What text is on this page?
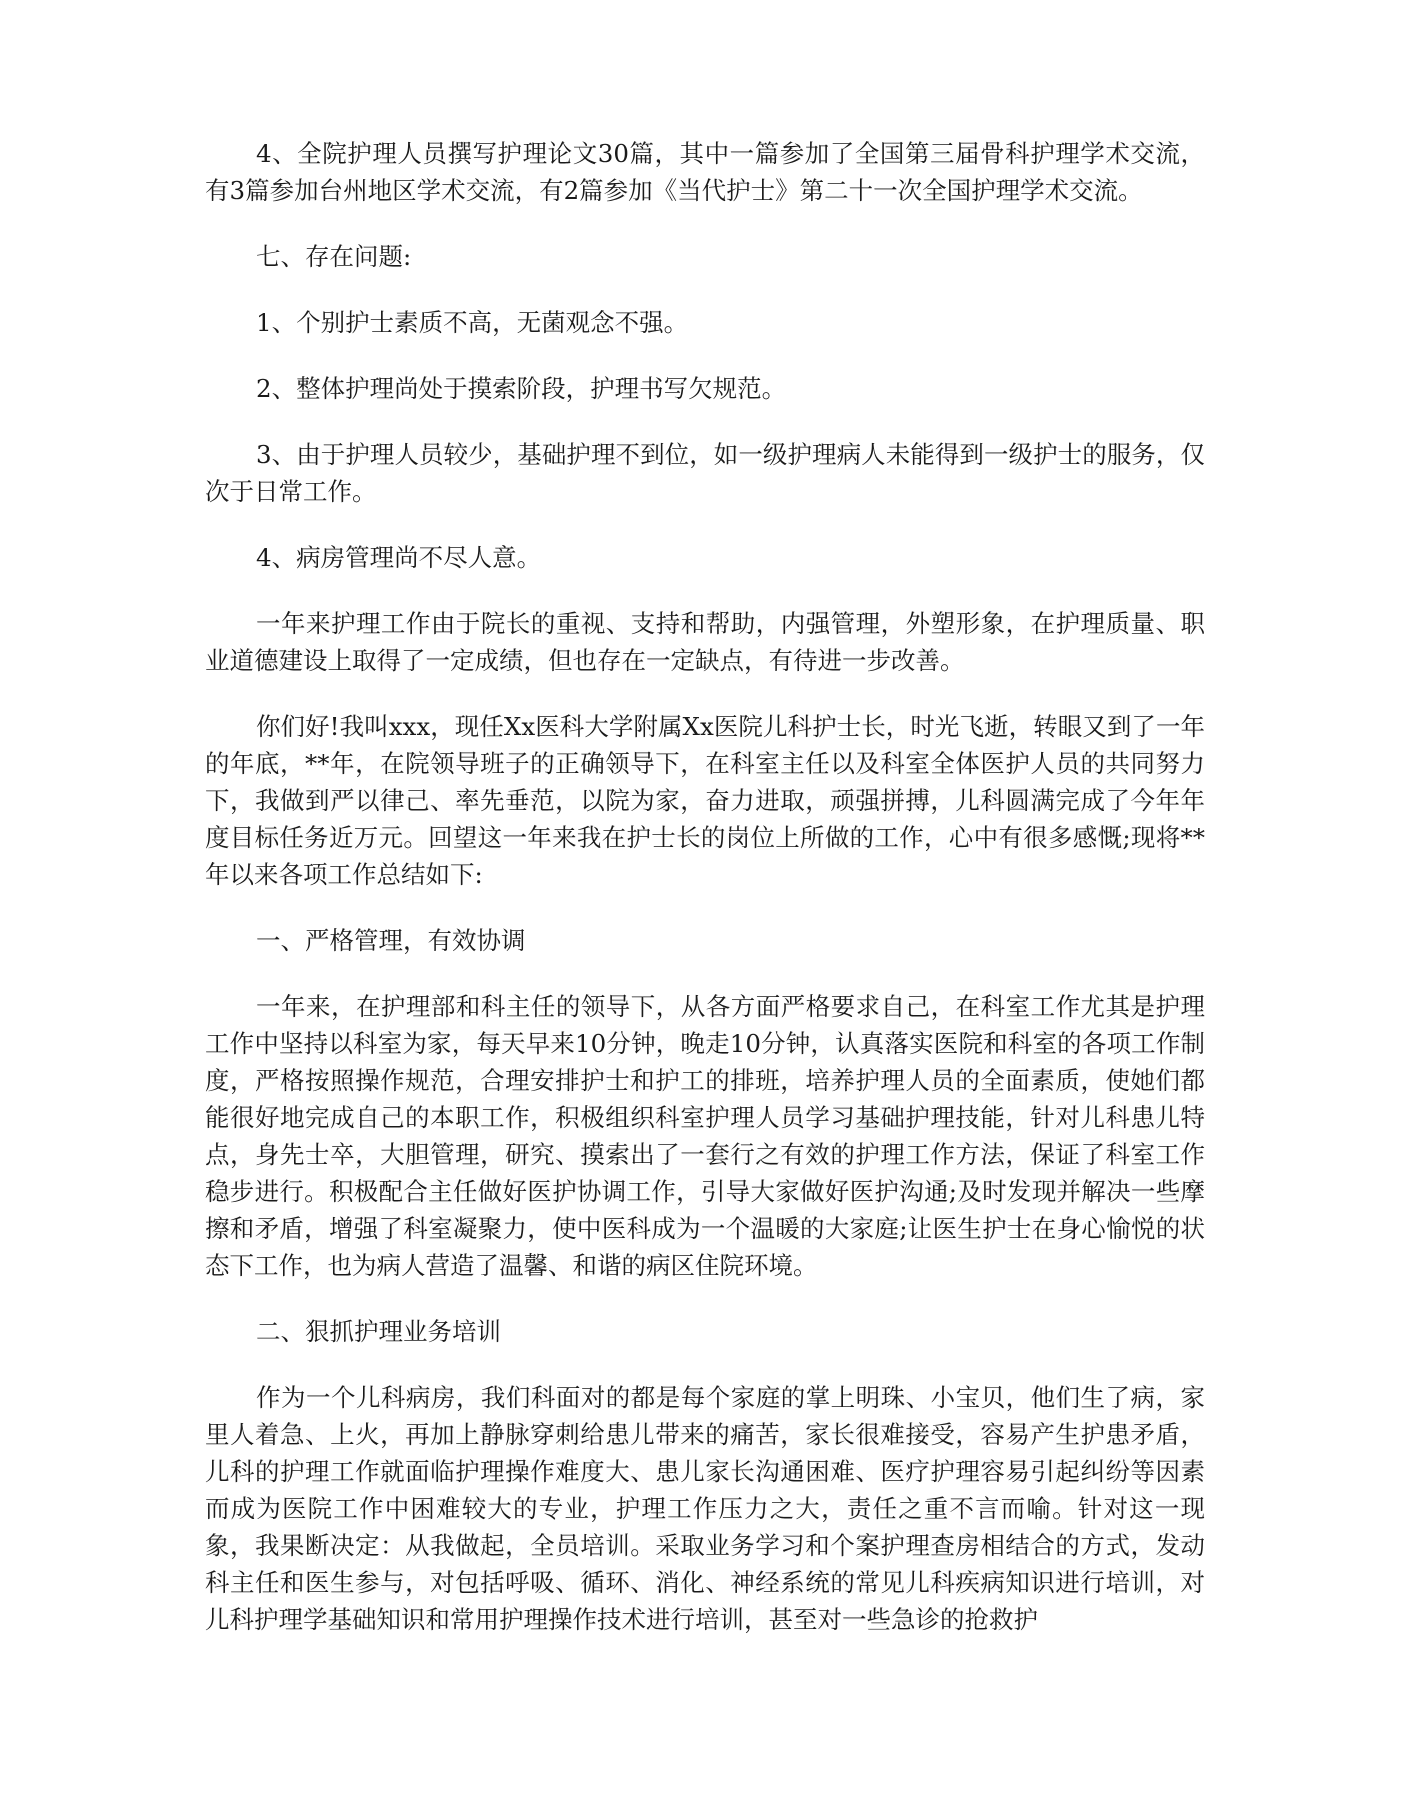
4、全院护理人员撰写护理论文30篇，其中一篇参加了全国第三届骨科护理学术交流，有3篇参加台州地区学术交流，有2篇参加《当代护士》第二十一次全国护理学术交流。

七、存在问题:

1、个别护士素质不高，无菌观念不强。

2、整体护理尚处于摸索阶段，护理书写欠规范。

3、由于护理人员较少，基础护理不到位，如一级护理病人未能得到一级护士的服务，仅次于日常工作。

4、病房管理尚不尽人意。

一年来护理工作由于院长的重视、支持和帮助，内强管理，外塑形象，在护理质量、职业道德建设上取得了一定成绩，但也存在一定缺点，有待进一步改善。

你们好!我叫xxx，现任Xx医科大学附属Xx医院儿科护士长，时光飞逝，转眼又到了一年的年底，**年，在院领导班子的正确领导下，在科室主任以及科室全体医护人员的共同努力下，我做到严以律己、率先垂范，以院为家，奋力进取，顽强拼搏，儿科圆满完成了今年年度目标任务近万元。回望这一年来我在护士长的岗位上所做的工作，心中有很多感慨;现将**年以来各项工作总结如下:

一、严格管理，有效协调

一年来，在护理部和科主任的领导下，从各方面严格要求自己，在科室工作尤其是护理工作中坚持以科室为家，每天早来10分钟，晚走10分钟，认真落实医院和科室的各项工作制度，严格按照操作规范，合理安排护士和护工的排班，培养护理人员的全面素质，使她们都能很好地完成自己的本职工作，积极组织科室护理人员学习基础护理技能，针对儿科患儿特点，身先士卒，大胆管理，研究、摸索出了一套行之有效的护理工作方法，保证了科室工作稳步进行。积极配合主任做好医护协调工作，引导大家做好医护沟通;及时发现并解决一些摩擦和矛盾，增强了科室凝聚力，使中医科成为一个温暖的大家庭;让医生护士在身心愉悦的状态下工作，也为病人营造了温馨、和谐的病区住院环境。

二、狠抓护理业务培训

作为一个儿科病房，我们科面对的都是每个家庭的掌上明珠、小宝贝，他们生了病，家里人着急、上火，再加上静脉穿刺给患儿带来的痛苦，家长很难接受，容易产生护患矛盾，儿科的护理工作就面临护理操作难度大、患儿家长沟通困难、医疗护理容易引起纠纷等因素而成为医院工作中困难较大的专业，护理工作压力之大，责任之重不言而喻。针对这一现象，我果断决定：从我做起，全员培训。采取业务学习和个案护理查房相结合的方式，发动科主任和医生参与，对包括呼吸、循环、消化、神经系统的常见儿科疾病知识进行培训，对儿科护理学基础知识和常用护理操作技术进行培训，甚至对一些急诊的抢救护
